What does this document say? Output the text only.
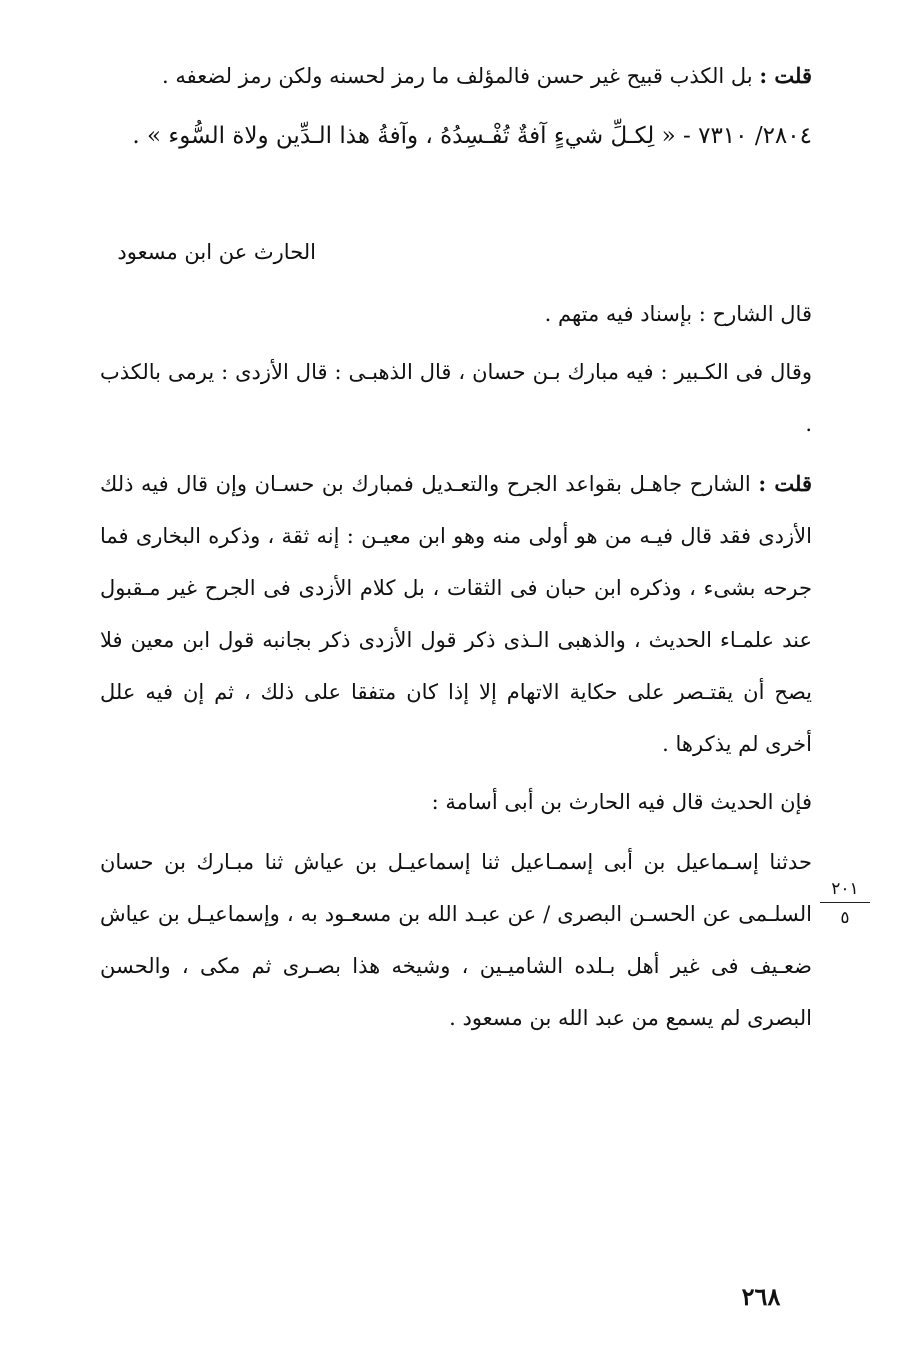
قلت : بل الكذب قبيح غير حسن فالمؤلف ما رمز لحسنه ولكن رمز لضعفه .

٢٨٠٤/ ٧٣١٠ - « لِكـلِّ شيءٍ آفةٌ تُفْـسِدُهُ ، وآفةُ هذا الـدِّين ولاة السُّوء » .

الحارث عن ابن مسعود

قال الشارح : بإسناد فيه متهم .

وقال فى الكـبير : فيه مبارك بـن حسان ، قال الذهبـى : قال الأزدى : يرمى بالكذب .

قلت : الشارح جاهـل بقواعد الجرح والتعـديل فمبارك بن حسـان وإن قال فيه ذلك الأزدى فقد قال فيـه من هو أولى منه وهو ابن معيـن : إنه ثقة ، وذكره البخارى فما جرحه بشىء ، وذكره ابن حبان فى الثقات ، بل كلام الأزدى فى الجرح غير مـقبول عند علمـاء الحديث ، والذهبى الـذى ذكر قول الأزدى ذكر بجانبه قول ابن معين فلا يصح أن يقتـصر على حكاية الاتهام إلا إذا كان متفقا على ذلك ، ثم إن فيه علل أخرى لم يذكرها .

فإن الحديث قال فيه الحارث بن أبى أسامة :

حدثنا إسـماعيل بن أبى إسمـاعيل ثنا إسماعيـل بن عياش ثنا مبـارك بن حسان السلـمى عن الحسـن البصرى / عن عبـد الله بن مسعـود به ، وإسماعيـل بن عياش ضعـيف فى غير أهل بـلده الشاميـين ، وشيخه هذا بصـرى ثم مكى ، والحسن البصرى لم يسمع من عبد الله بن مسعود .

٢٠١
٥
٢٦٨
